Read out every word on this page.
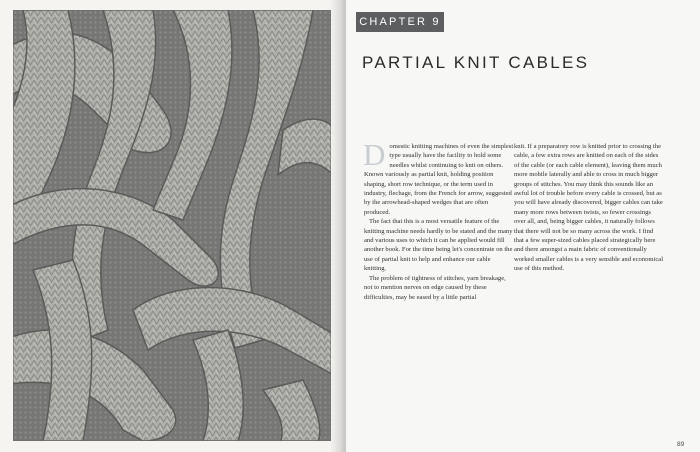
CHAPTER 9
PARTIAL KNIT CABLES

Domestic knitting machines of even the simplest type usually have the facility to hold some needles whilst continuing to knit on others. Known variously as partial knit, holding position shaping, short row technique, or the term used in industry, flechage, from the French for arrow, suggested by the arrowhead-shaped wedges that are often produced.

The fact that this is a most versatile feature of the knitting machine needs hardly to be stated and the many and various uses to which it can be applied would fill another book. For the time being let's concentrate on the use of partial knit to help and enhance our cable knitting.

The problem of tightness of stitches, yarn breakage, not to mention nerves on edge caused by these difficulties, may be eased by a little partial

knit. If a preparatory row is knitted prior to crossing the cable, a few extra rows are knitted on each of the sides of the cable (or each cable element), leaving them much more mobile laterally and able to cross in much bigger groups of stitches. You may think this sounds like an awful lot of trouble before every cable is crossed, but as you will have already discovered, bigger cables can take many more rows between twists, so fewer crossings over all, and, being bigger cables, it naturally follows that there will not be so many across the work. I find that a few super-sized cables placed strategically here and there amongst a main fabric of conventionally worked smaller cables is a very sensible and economical use of this method.

89
